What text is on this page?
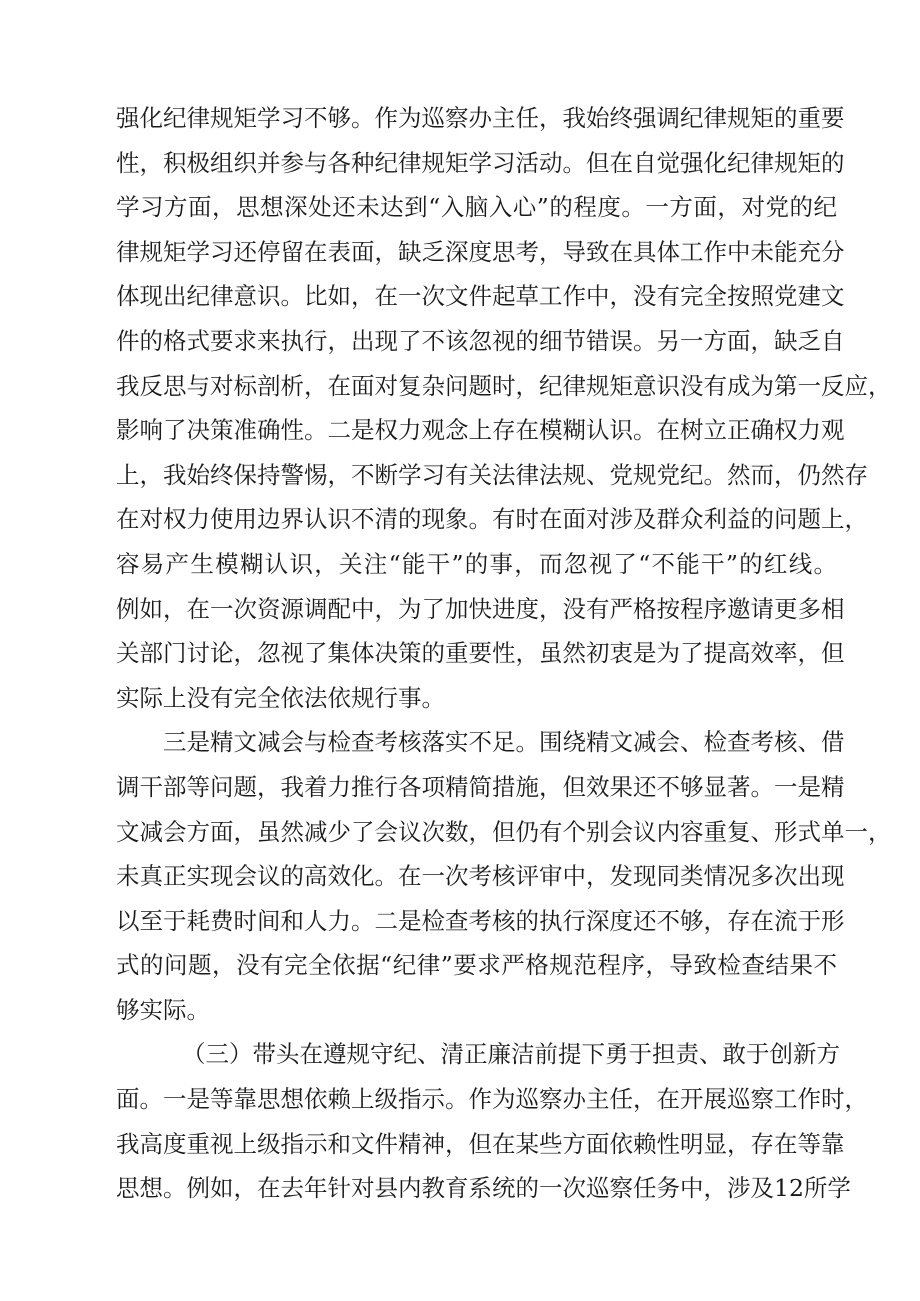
强化纪律规矩学习不够。作为巡察办主任，我始终强调纪律规矩的重要
性，积极组织并参与各种纪律规矩学习活动。但在自觉强化纪律规矩的
学习方面，思想深处还未达到“入脑入心”的程度。一方面，对党的纪
律规矩学习还停留在表面，缺乏深度思考，导致在具体工作中未能充分
体现出纪律意识。比如，在一次文件起草工作中，没有完全按照党建文
件的格式要求来执行，出现了不该忽视的细节错误。另一方面，缺乏自
我反思与对标剖析，在面对复杂问题时，纪律规矩意识没有成为第一反应，
影响了决策准确性。二是权力观念上存在模糊认识。在树立正确权力观
上，我始终保持警惕，不断学习有关法律法规、党规党纪。然而，仍然存
在对权力使用边界认识不清的现象。有时在面对涉及群众利益的问题上，
容易产生模糊认识，关注“能干”的事，而忽视了“不能干”的红线。
例如，在一次资源调配中，为了加快进度，没有严格按程序邀请更多相
关部门讨论，忽视了集体决策的重要性，虽然初衷是为了提高效率，但
实际上没有完全依法依规行事。
三是精文减会与检查考核落实不足。围绕精文减会、检查考核、借
调干部等问题，我着力推行各项精简措施，但效果还不够显著。一是精
文减会方面，虽然减少了会议次数，但仍有个别会议内容重复、形式单一，
未真正实现会议的高效化。在一次考核评审中，发现同类情况多次出现
以至于耗费时间和人力。二是检查考核的执行深度还不够，存在流于形
式的问题，没有完全依据“纪律”要求严格规范程序，导致检查结果不
够实际。
（三）带头在遵规守纪、清正廉洁前提下勇于担责、敢于创新方
面。一是等靠思想依赖上级指示。作为巡察办主任，在开展巡察工作时，
我高度重视上级指示和文件精神，但在某些方面依赖性明显，存在等靠
思想。例如，在去年针对县内教育系统的一次巡察任务中，涉及12所学
